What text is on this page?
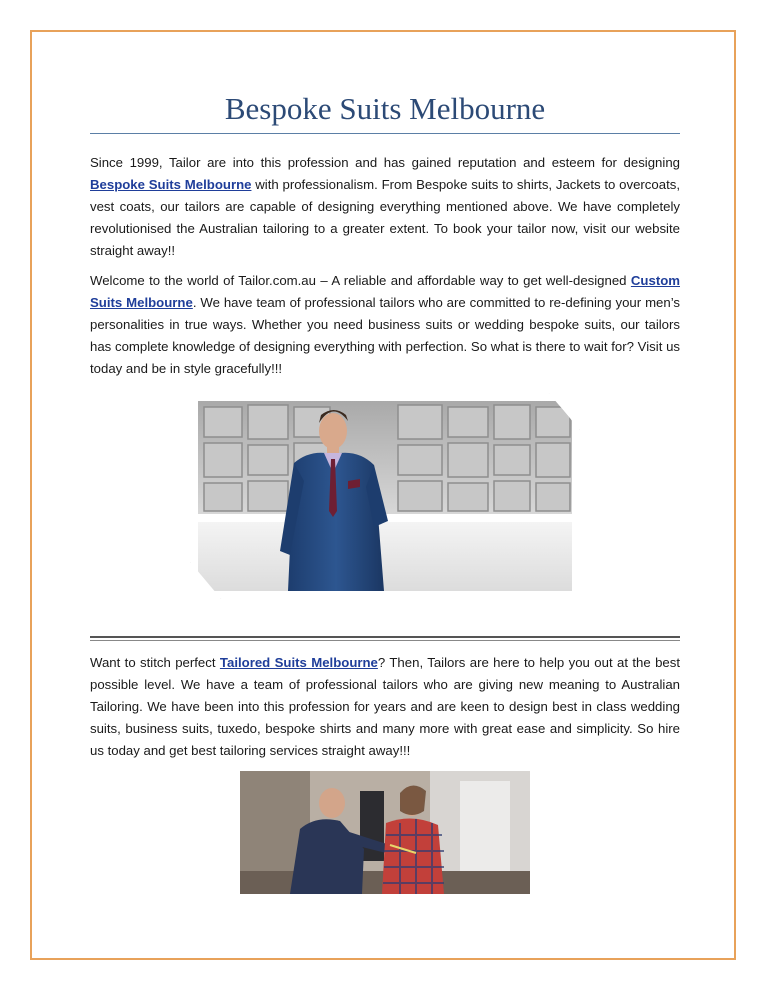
Bespoke Suits Melbourne

Since 1999, Tailor are into this profession and has gained reputation and esteem for designing Bespoke Suits Melbourne with professionalism. From Bespoke suits to shirts, Jackets to overcoats, vest coats, our tailors are capable of designing everything mentioned above. We have completely revolutionised the Australian tailoring to a greater extent. To book your tailor now, visit our website straight away!!

Welcome to the world of Tailor.com.au – A reliable and affordable way to get well-designed Custom Suits Melbourne. We have team of professional tailors who are committed to re-defining your men’s personalities in true ways. Whether you need business suits or wedding bespoke suits, our tailors has complete knowledge of designing everything with perfection. So what is there to wait for? Visit us today and be in style gracefully!!!

Want to stitch perfect Tailored Suits Melbourne? Then, Tailors are here to help you out at the best possible level. We have a team of professional tailors who are giving new meaning to Australian Tailoring. We have been into this profession for years and are keen to design best in class wedding suits, business suits, tuxedo, bespoke shirts and many more with great ease and simplicity. So hire us today and get best tailoring services straight away!!!
